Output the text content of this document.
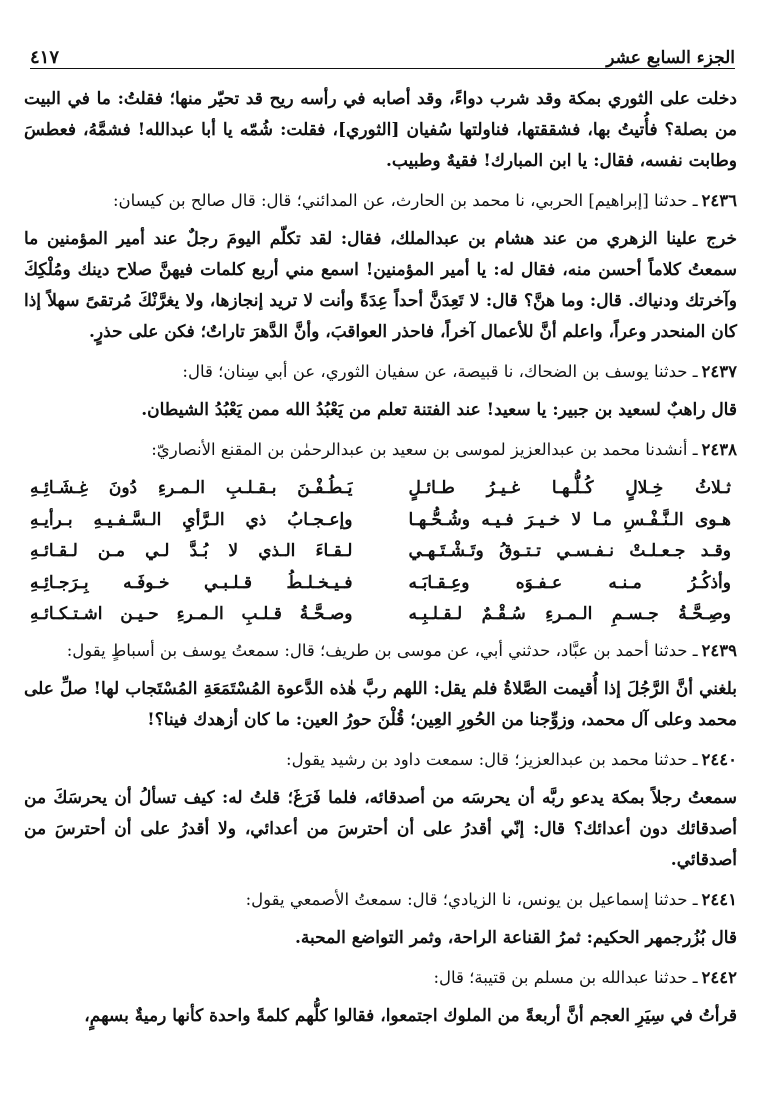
الجزء السابع عشر
٤١٧

دخلت على الثوري بمكة وقد شرب دواءً، وقد أصابه في رأسه ريح قد تحيّر منها؛ فقلتُ: ما في البيت من بصلة؟ فأُتيتُ بها، فشققتها، فناولتها سُفيان [الثوري]، فقلت: شُمّه يا أبا عبدالله! فشمَّهُ، فعطسَ وطابت نفسه، فقال: يا ابن المبارك! فقيهٌ وطبيب.

٢٤٣٦ـ حدثنا [إبراهيم] الحربي، نا محمد بن الحارث، عن المدائني؛ قال: قال صالح بن كيسان:

خرج علينا الزهري من عند هشام بن عبدالملك، فقال: لقد تكلّم اليومَ رجلٌ عند أمير المؤمنين ما سمعتُ كلاماً أحسن منه، فقال له: يا أمير المؤمنين! اسمع مني أربع كلمات فيهنَّ صلاح دينك ومُلْكِكَ وآخرتك ودنياك. قال: وما هنَّ؟ قال: لا تَعِدَنَّ أحداً عِدَةً وأنت لا تريد إنجازها، ولا يغرَّنْكَ مُرتقىً سهلاً إذا كان المنحدر وعراً، واعلم أنَّ للأعمال آخراً، فاحذر العواقبَ، وأنَّ الدَّهرَ تاراتٌ؛ فكن على حذرٍ.

٢٤٣٧ـ حدثنا يوسف بن الضحاك، نا قبيصة، عن سفيان الثوري، عن أبي سِنان؛ قال:

قال راهبٌ لسعيد بن جبير: يا سعيد! عند الفتنة تعلم من يَعْبُدُ الله ممن يَعْبُدُ الشيطان.

٢٤٣٨ـ أنشدنا محمد بن عبدالعزيز لموسى بن سعيد بن عبدالرحمٰن بن المقنع الأنصاريّ:

ثـلاثُ خِـلالٍ كُـلُّـهـا غـيـرُ طـائـلٍ
يَـطُـفْـنَ بـقـلـبِ الـمـرءِ دُونَ غِـشَـائِـهِ
هـوى الـنَّـفْـسِ مـا لا خـيـرَ فـيـه وشُـحُّـهـا
وإعـجـابُ ذي الـرَّأيِ الـسَّـفـيـهِ بـرأيـهِ
وقـد جـعـلـتْ نـفـسـي تـتـوقُ وتَـشْـتَـهـي
لـقـاءَ الـذي لا بُـدَّ لـي مـن لـقـائـهِ
وأذكُـرُ مـنـه عـفـوَه وعِـقـابَـه
فـيـخـلـطُ قـلـبـي خـوفَـه بِـرَجـائِـهِ
وصِـحَّـةُ جـسـمِ الـمـرءِ سُـقْـمٌ لـقـلـبِـه
وصـحَّـةُ قـلـبِ الـمـرءِ حـيـن اشـتـكـائـهِ

٢٤٣٩ـ حدثنا أحمد بن عبَّاد، حدثني أبي، عن موسى بن طريف؛ قال: سمعتُ يوسف بن أسباطٍ يقول:

بلغني أنَّ الرَّجُلَ إذا أُقيمت الصَّلاةُ فلم يقل: اللهم ربَّ هٰذه الدَّعوة المُسْتَمَعَةِ المُسْتَجاب لها! صلِّ على محمد وعلى آل محمد، وزوِّجنا من الحُورِ العِين؛ قُلْنَ حورُ العين: ما كان أزهدك فينا؟!

٢٤٤٠ـ حدثنا محمد بن عبدالعزيز؛ قال: سمعت داود بن رشيد يقول:

سمعتُ رجلاً بمكة يدعو ربَّه أن يحرسَه من أصدقائه، فلما فَرَغَ؛ قلتُ له: كيف تسألُ أن يحرسَكَ من أصدقائك دون أعدائك؟ قال: إنّي أقدرُ على أن أحترسَ من أعدائي، ولا أقدرُ على أن أحترسَ من أصدقائي.

٢٤٤١ـ حدثنا إسماعيل بن يونس، نا الزيادي؛ قال: سمعتُ الأصمعي يقول:

قال بُزُرجمهر الحكيم: ثمرُ القناعة الراحة، وثمر التواضع المحبة.

٢٤٤٢ـ حدثنا عبدالله بن مسلم بن قتيبة؛ قال:

قرأتُ في سِيَرِ العجم أنَّ أربعةً من الملوك اجتمعوا، فقالوا كلُّهم كلمةً واحدة كأنها رميةٌ بسهمٍ،
